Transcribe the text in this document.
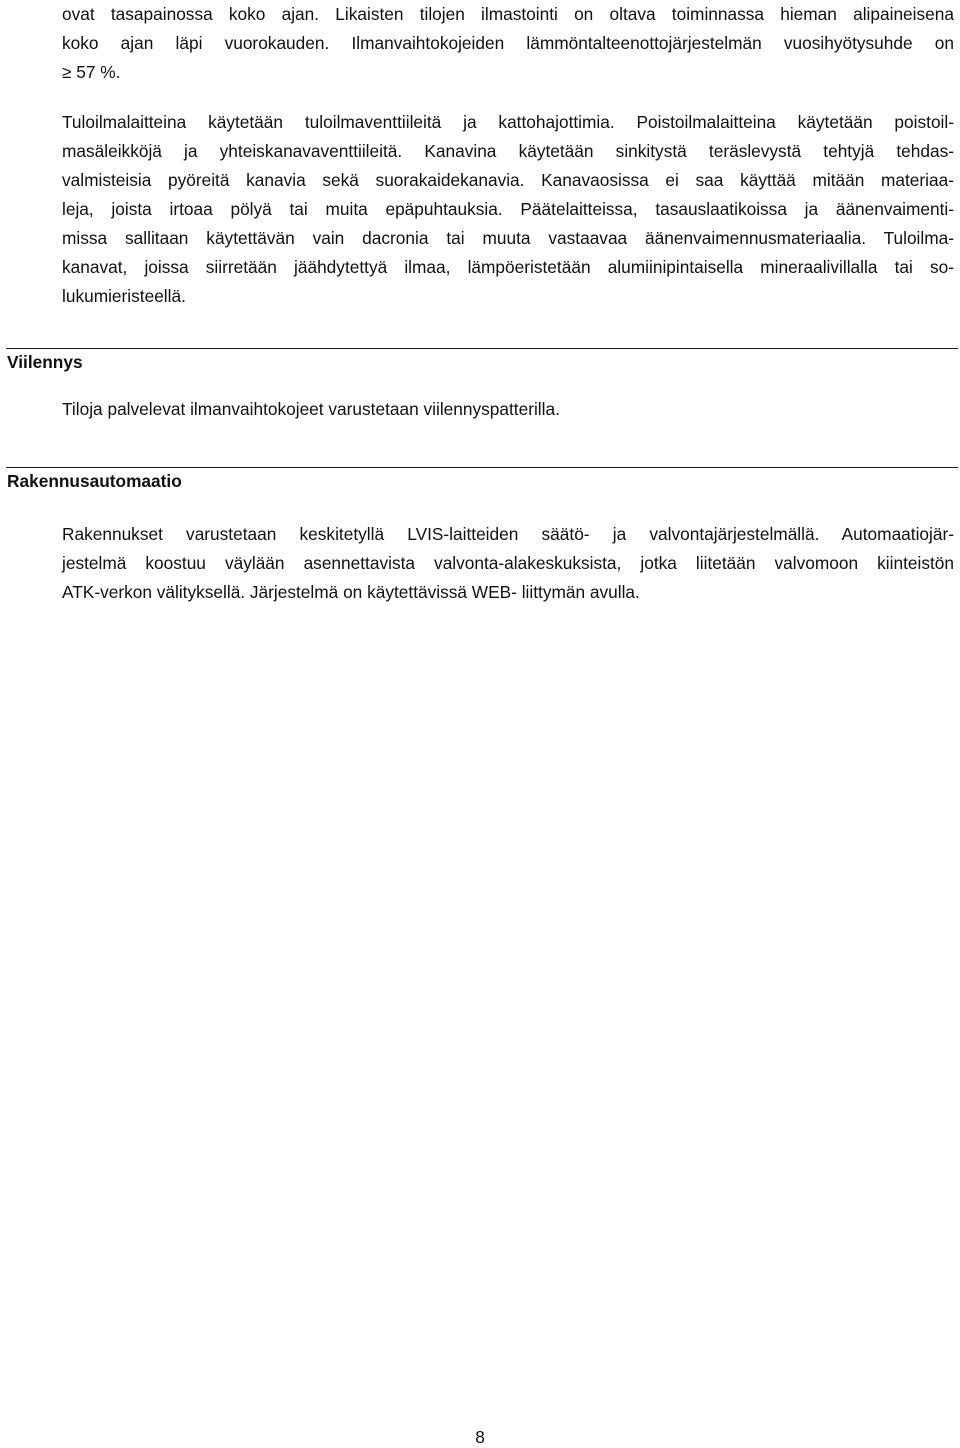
ovat tasapainossa koko ajan. Likaisten tilojen ilmastointi on oltava toiminnassa hieman alipaineisena
koko ajan läpi vuorokauden. Ilmanvaihtokojeiden lämmöntalteenottojärjestelmän vuosihyötysuhde on
≥ 57 %.
Tuloilmalaitteina käytetään tuloilmaventtiileitä ja kattohajottimia. Poistoilmalaitteina käytetään poistoil-
masäleikköjä ja yhteiskanavaventtiileitä. Kanavina käytetään sinkitystä teräslevystä tehtyjä tehdas-
valmisteisia pyöreitä kanavia sekä suorakaidekanavia. Kanavaosissa ei saa käyttää mitään materiaa-
leja, joista irtoaa pölyä tai muita epäpuhtauksia. Päätelaitteissa, tasauslaatikoissa ja äänenvaimenti-
missa sallitaan käytettävän vain dacronia tai muuta vastaavaa äänenvaimennusmateriaalia. Tuloilma-
kanavat, joissa siirretään jäähdytettyä ilmaa, lämpöeristetään alumiinipintaisella mineraalivillalla tai so-
lukumieristeellä.
Viilennys
Tiloja palvelevat ilmanvaihtokojeet varustetaan viilennyspatterilla.
Rakennusautomaatio
Rakennukset varustetaan keskitetyllä LVIS-laitteiden säätö- ja valvontajärjestelmällä. Automaatiojär-
jestelmä koostuu väylään asennettavista valvonta-alakeskuksista, jotka liitetään valvomoon kiinteistön
ATK-verkon välityksellä. Järjestelmä on käytettävissä WEB- liittymän avulla.
8
